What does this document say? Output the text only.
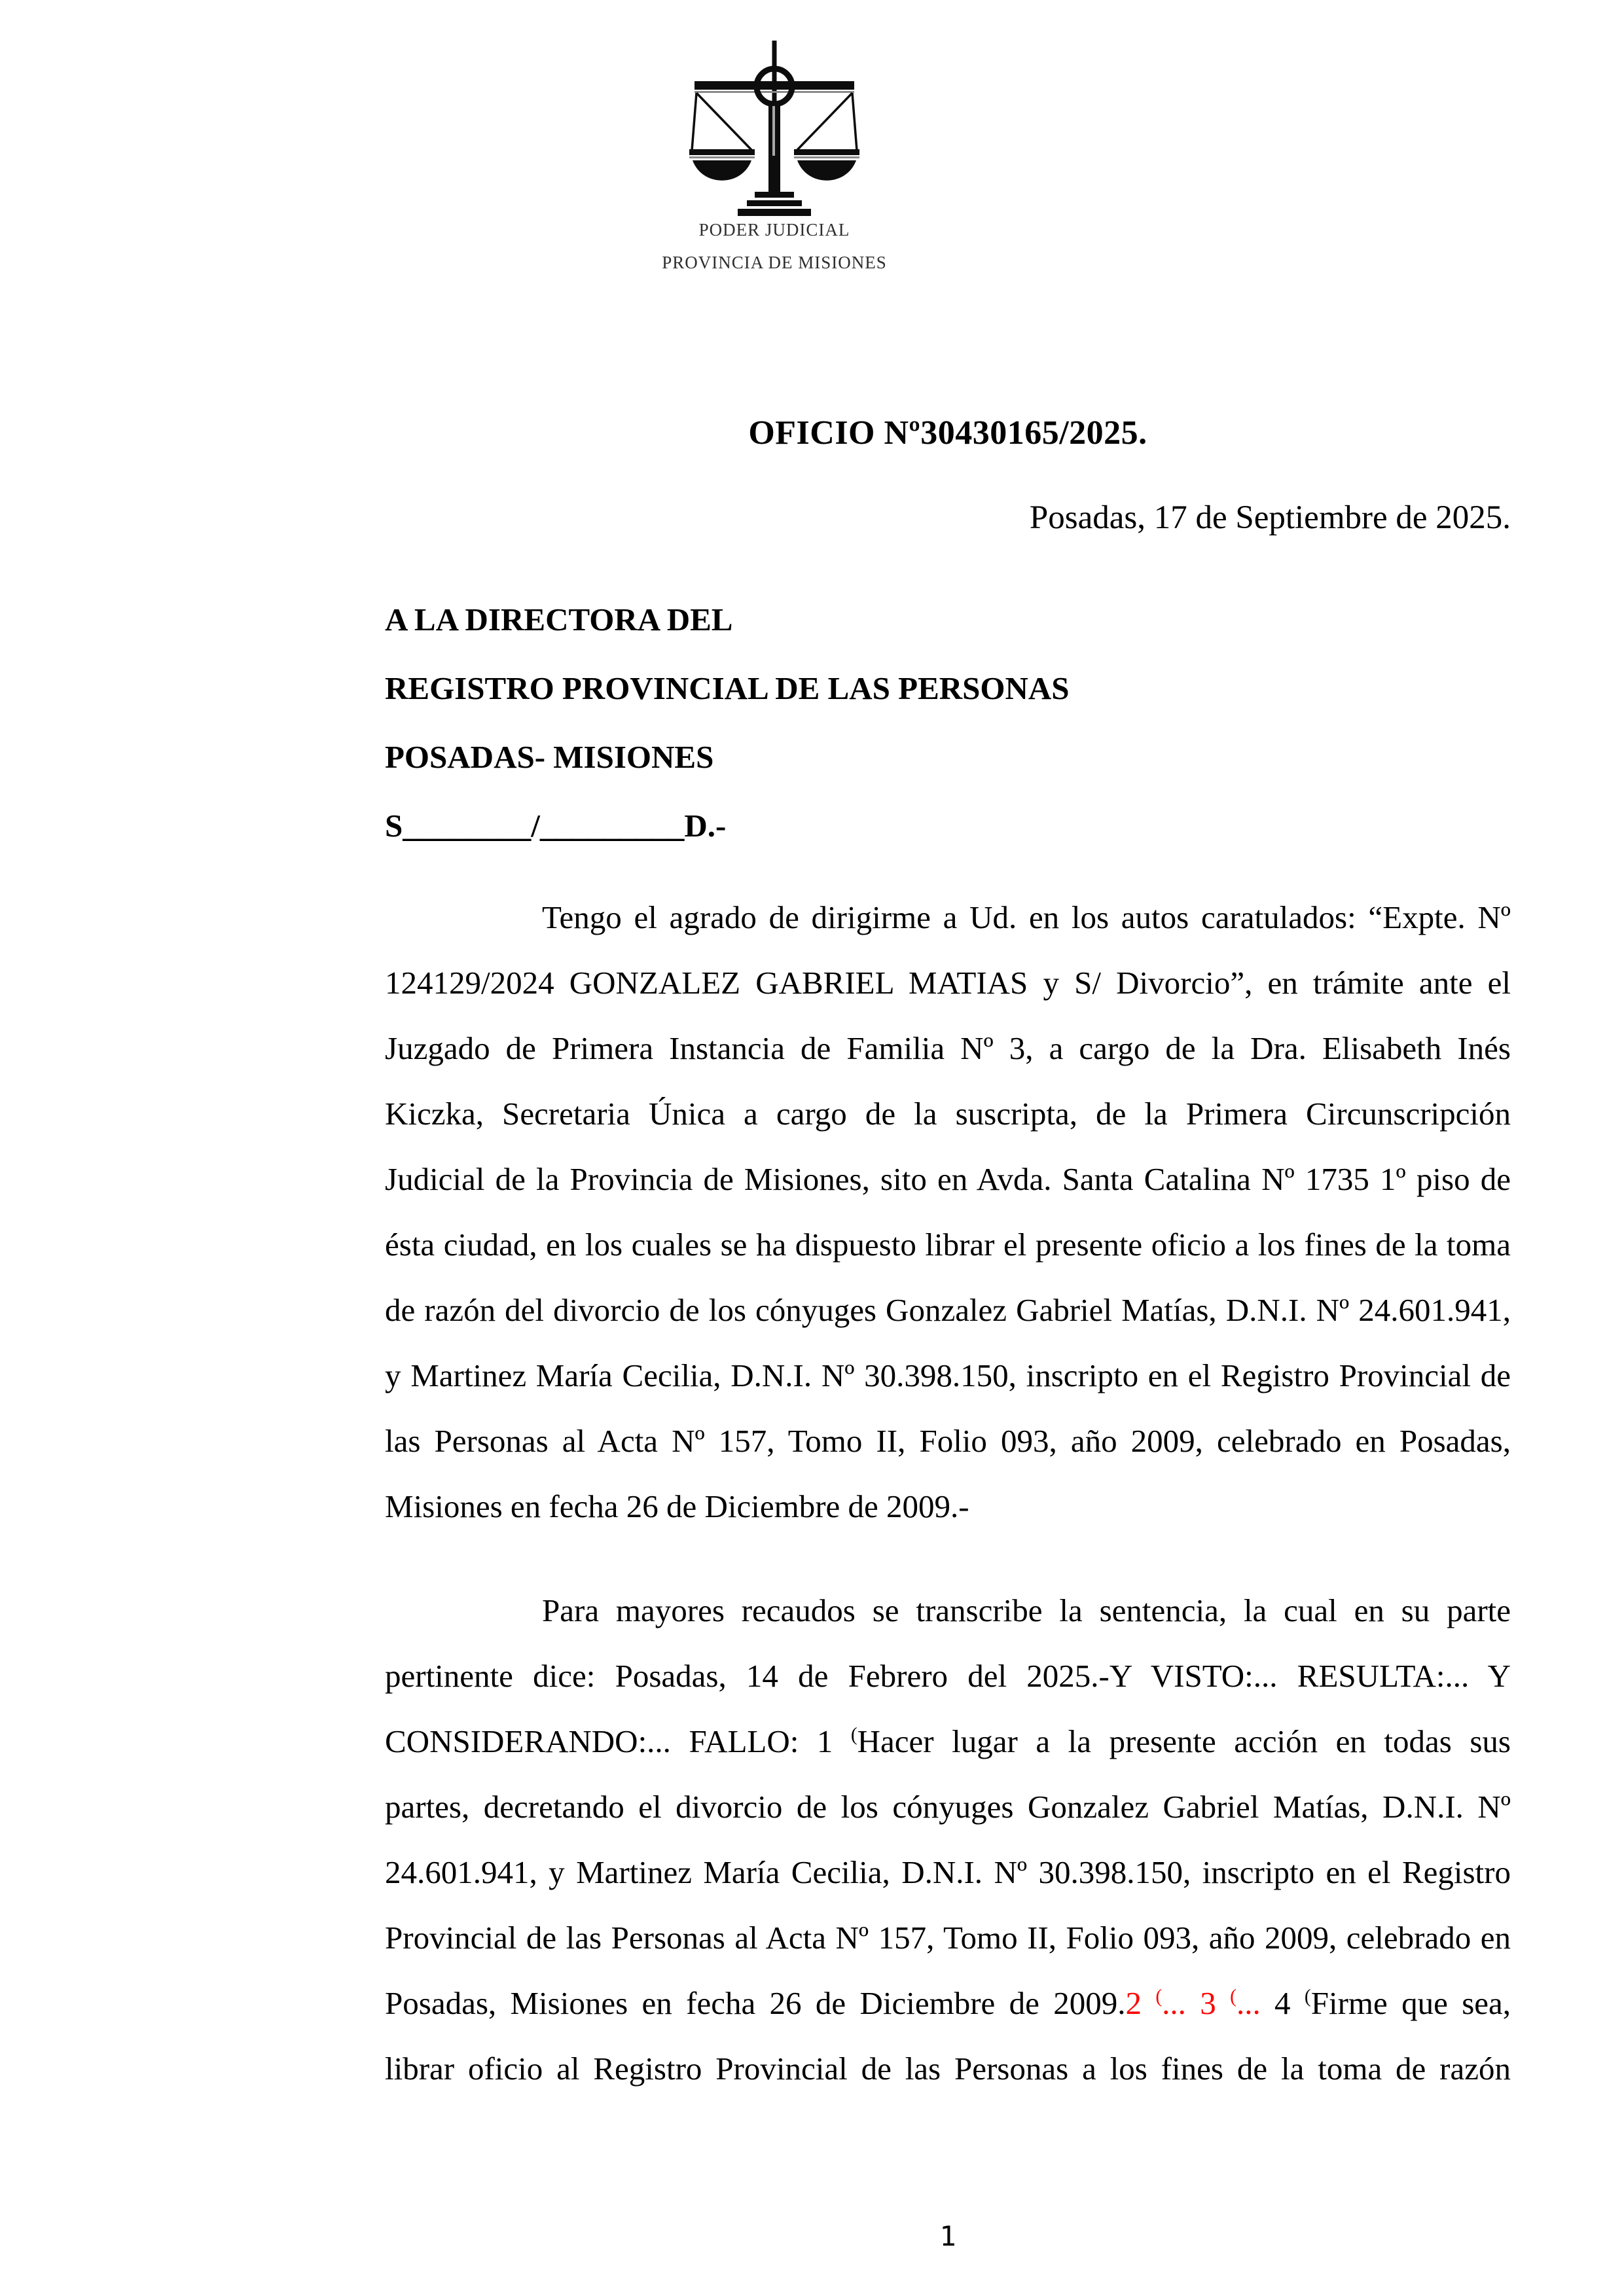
PODER JUDICIAL
PROVINCIA DE MISIONES
OFICIO Nº30430165/2025.
Posadas, 17 de Septiembre de 2025.
A LA DIRECTORA DEL
REGISTRO PROVINCIAL DE LAS PERSONAS
POSADAS- MISIONES
S________/_________D.-
Tengo el agrado de dirigirme a Ud. en los autos caratulados: “Expte. Nº
124129/2024 GONZALEZ GABRIEL MATIAS y S/ Divorcio”, en trámite ante el
Juzgado de Primera Instancia de Familia Nº 3, a cargo de la Dra. Elisabeth Inés
Kiczka, Secretaria Única a cargo de la suscripta, de la Primera Circunscripción
Judicial de la Provincia de Misiones, sito en Avda. Santa Catalina Nº 1735 1º piso de
ésta ciudad, en los cuales se ha dispuesto librar el presente oficio a los fines de la toma
de razón del divorcio de los cónyuges Gonzalez Gabriel Matías, D.N.I. Nº 24.601.941,
y Martinez María Cecilia, D.N.I. Nº 30.398.150, inscripto en el Registro Provincial de
las Personas al Acta Nº 157, Tomo II, Folio 093, año 2009, celebrado en Posadas,
Misiones en fecha 26 de Diciembre de 2009.-
Para mayores recaudos se transcribe la sentencia, la cual en su parte
pertinente dice: Posadas, 14 de Febrero del 2025.-Y VISTO:... RESULTA:... Y
CONSIDERANDO:... FALLO: 1 (Hacer lugar a la presente acción en todas sus
partes, decretando el divorcio de los cónyuges Gonzalez Gabriel Matías, D.N.I. Nº
24.601.941, y Martinez María Cecilia, D.N.I. Nº 30.398.150, inscripto en el Registro
Provincial de las Personas al Acta Nº 157, Tomo II, Folio 093, año 2009, celebrado en
Posadas, Misiones en fecha 26 de Diciembre de 2009.2 (... 3 (... 4 (Firme que sea,
librar oficio al Registro Provincial de las Personas a los fines de la toma de razón
1
